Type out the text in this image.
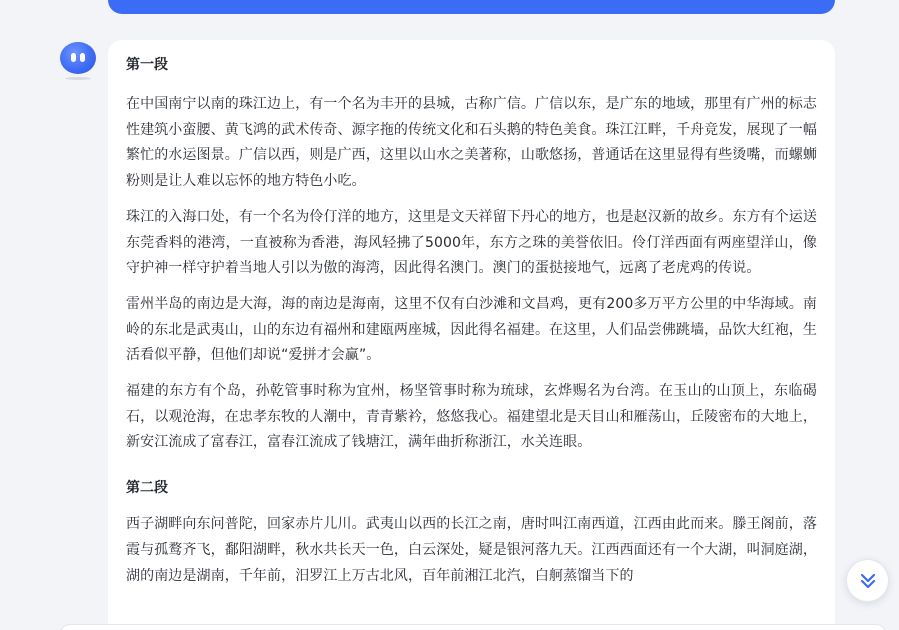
第一段

在中国南宁以南的珠江边上，有一个名为丰开的县城，古称广信。广信以东，是广东的地域，那里有广州的标志性建筑小蛮腰、黄飞鸿的武术传奇、源字拖的传统文化和石头鹅的特色美食。珠江江畔，千舟竞发，展现了一幅繁忙的水运图景。广信以西，则是广西，这里以山水之美著称，山歌悠扬，普通话在这里显得有些烫嘴，而螺蛳粉则是让人难以忘怀的地方特色小吃。

珠江的入海口处，有一个名为伶仃洋的地方，这里是文天祥留下丹心的地方，也是赵汉新的故乡。东方有个运送东莞香料的港湾，一直被称为香港，海风轻拂了5000年，东方之珠的美誉依旧。伶仃洋西面有两座望洋山，像守护神一样守护着当地人引以为傲的海湾，因此得名澳门。澳门的蛋挞接地气，远离了老虎鸡的传说。

雷州半岛的南边是大海，海的南边是海南，这里不仅有白沙滩和文昌鸡，更有200多万平方公里的中华海域。南岭的东北是武夷山，山的东边有福州和建瓯两座城，因此得名福建。在这里，人们品尝佛跳墙，品饮大红袍，生活看似平静，但他们却说“爱拼才会赢”。

福建的东方有个岛，孙乾管事时称为宜州，杨坚管事时称为琉球，玄烨赐名为台湾。在玉山的山顶上，东临碣石，以观沧海，在忠孝东牧的人潮中，青青紫衿，悠悠我心。福建望北是天目山和雁荡山，丘陵密布的大地上，新安江流成了富春江，富春江流成了钱塘江，满年曲折称浙江，水关连眼。

第二段

西子湖畔向东问普陀，回家赤片儿川。武夷山以西的长江之南，唐时叫江南西道，江西由此而来。滕王阁前，落霞与孤鹜齐飞，鄱阳湖畔，秋水共长天一色，白云深处，疑是银河落九天。江西西面还有一个大湖，叫洞庭湖，湖的南边是湖南，千年前，汨罗江上万古北风，百年前湘江北汽，白舸蒸馏当下的
